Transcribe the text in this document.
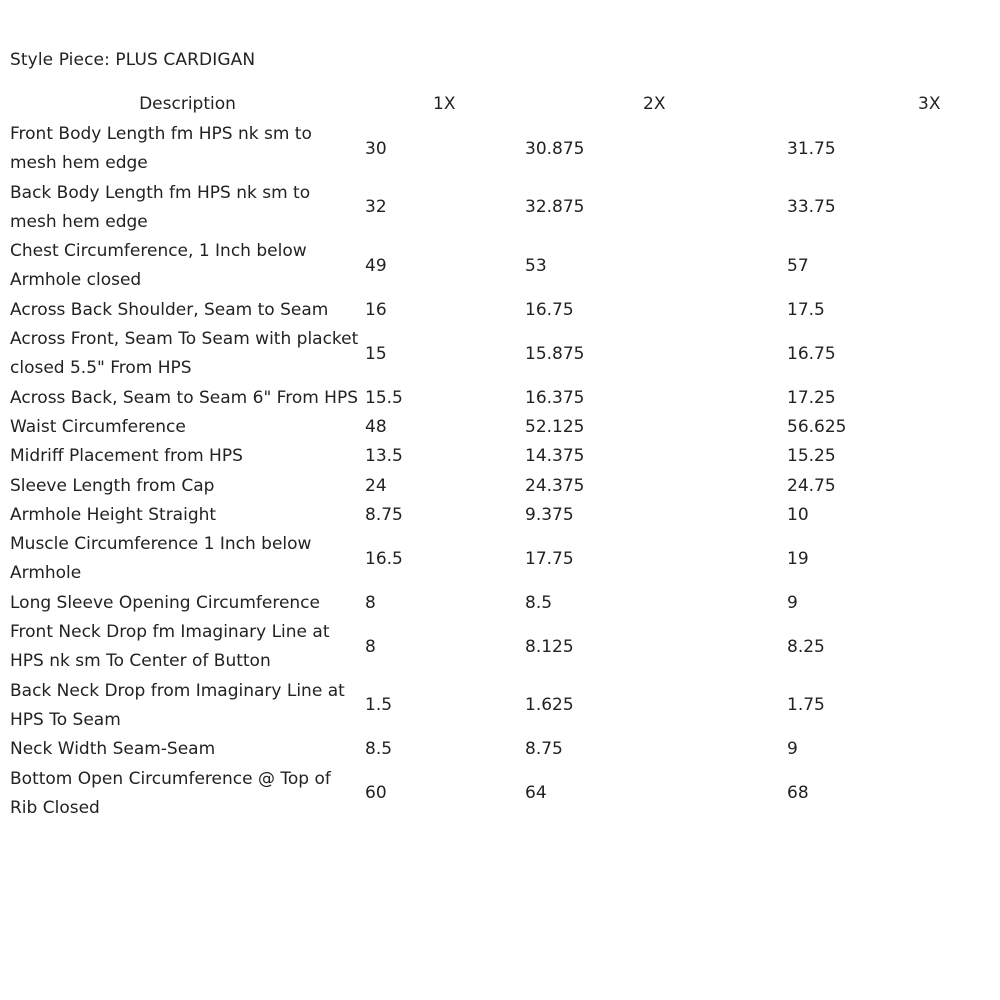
Style Piece: PLUS CARDIGAN
Description	1X	2X	3X
Front Body Length fm HPS nk sm to mesh hem edge	30	30.875	31.75
Back Body Length fm HPS nk sm to mesh hem edge	32	32.875	33.75
Chest Circumference, 1 Inch below Armhole closed	49	53	57
Across Back Shoulder, Seam to Seam	16	16.75	17.5
Across Front, Seam To Seam with placket closed 5.5" From HPS	15	15.875	16.75
Across Back, Seam to Seam 6" From HPS	15.5	16.375	17.25
Waist Circumference	48	52.125	56.625
Midriff Placement from HPS	13.5	14.375	15.25
Sleeve Length from Cap	24	24.375	24.75
Armhole Height Straight	8.75	9.375	10
Muscle Circumference 1 Inch below Armhole	16.5	17.75	19
Long Sleeve Opening Circumference	8	8.5	9
Front Neck Drop fm Imaginary Line at HPS nk sm To Center of Button	8	8.125	8.25
Back Neck Drop from Imaginary Line at HPS To Seam	1.5	1.625	1.75
Neck Width Seam-Seam	8.5	8.75	9
Bottom Open Circumference @ Top of Rib Closed	60	64	68
